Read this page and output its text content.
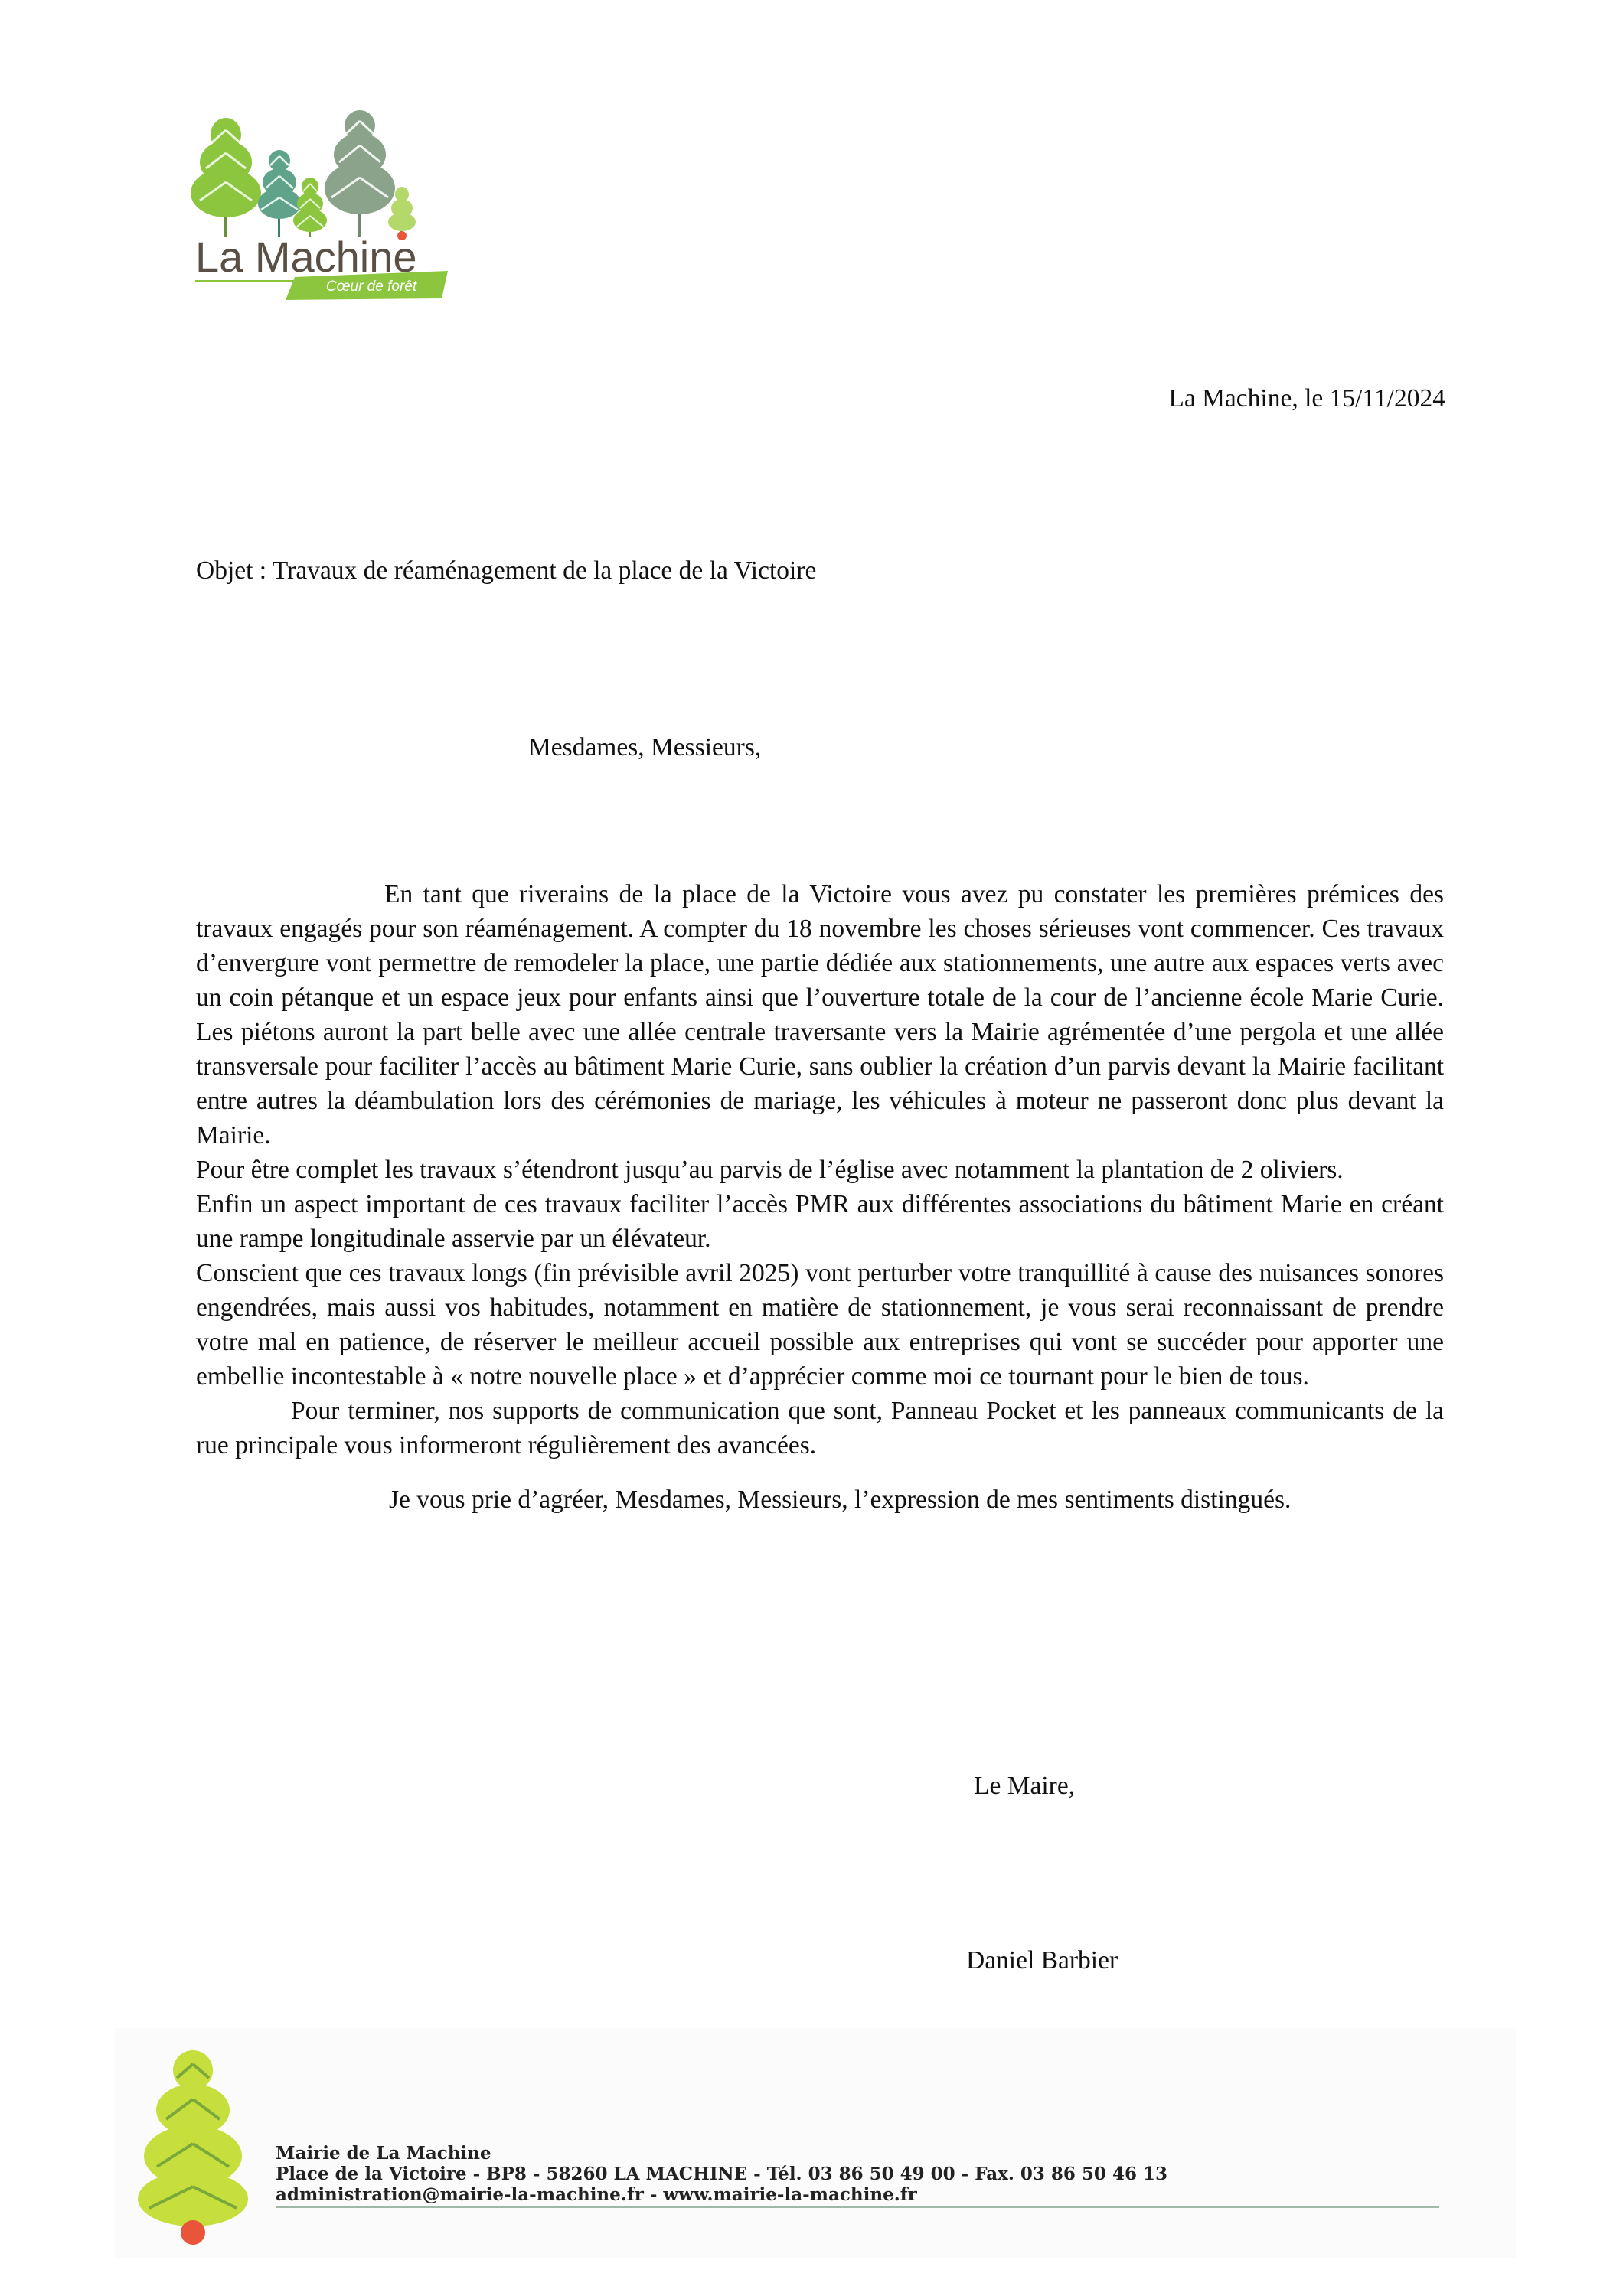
La Machine
Cœur de forêt
La Machine, le 15/11/2024
Objet : Travaux de réaménagement de la place de la Victoire
Mesdames, Messieurs,

En tant que riverains de la place de la Victoire vous avez pu constater les premières prémices des travaux engagés pour son réaménagement. A compter du 18 novembre les choses sérieuses vont commencer. Ces travaux d’envergure vont permettre de remodeler la place, une partie dédiée aux stationnements, une autre aux espaces verts avec un coin pétanque et un espace jeux pour enfants ainsi que l’ouverture totale de la cour de l’ancienne école Marie Curie. Les piétons auront la part belle avec une allée centrale traversante vers la Mairie agrémentée d’une pergola et une allée transversale pour faciliter l’accès au bâtiment Marie Curie, sans oublier la création d’un parvis devant la Mairie facilitant entre autres la déambulation lors des cérémonies de mariage, les véhicules à moteur ne passeront donc plus devant la Mairie.

Pour être complet les travaux s’étendront jusqu’au parvis de l’église avec notamment la plantation de 2 oliviers.

Enfin un aspect important de ces travaux faciliter l’accès PMR aux différentes associations du bâtiment Marie en créant une rampe longitudinale asservie par un élévateur.

Conscient que ces travaux longs (fin prévisible avril 2025) vont perturber votre tranquillité à cause des nuisances sonores engendrées, mais aussi vos habitudes, notamment en matière de stationnement, je vous serai reconnaissant de prendre votre mal en patience, de réserver le meilleur accueil possible aux entreprises qui vont se succéder pour apporter une embellie incontestable à « notre nouvelle place » et d’apprécier comme moi ce tournant pour le bien de tous.

Pour terminer, nos supports de communication que sont, Panneau Pocket et les panneaux communicants de la rue principale vous informeront régulièrement des avancées.

Je vous prie d’agréer, Mesdames, Messieurs, l’expression de mes sentiments distingués.

Le Maire,
Daniel Barbier
Mairie de La Machine
Place de la Victoire - BP8 - 58260 LA MACHINE - Tél. 03 86 50 49 00 - Fax. 03 86 50 46 13
administration@mairie-la-machine.fr - www.mairie-la-machine.fr
